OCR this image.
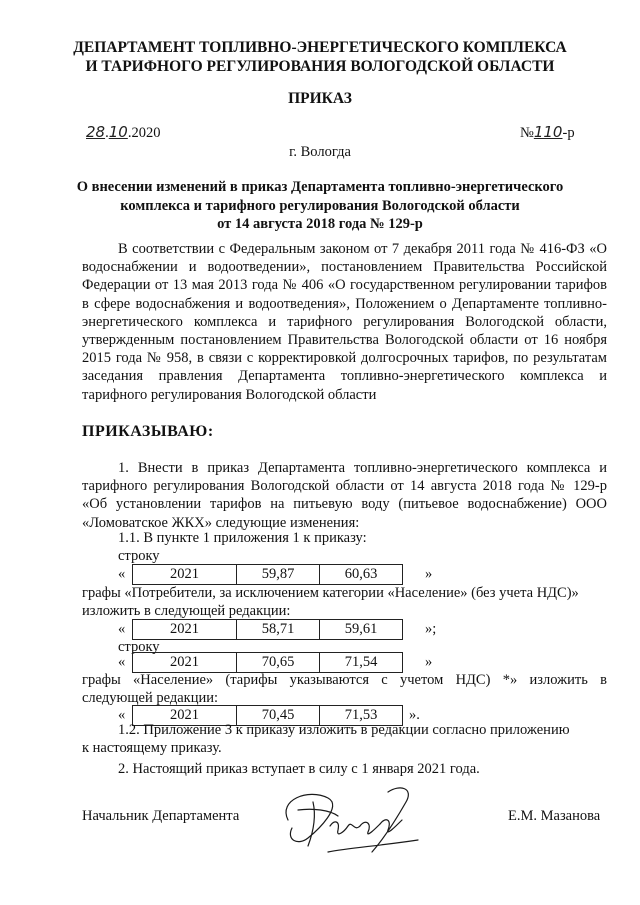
ДЕПАРТАМЕНТ ТОПЛИВНО-ЭНЕРГЕТИЧЕСКОГО КОМПЛЕКСА
И ТАРИФНОГО РЕГУЛИРОВАНИЯ ВОЛОГОДСКОЙ ОБЛАСТИ
ПРИКАЗ
28.10.2020	№110-р
г. Вологда
О внесении изменений в приказ Департамента топливно-энергетического
комплекса и тарифного регулирования Вологодской области
от 14 августа 2018 года № 129-р
В соответствии с Федеральным законом от 7 декабря 2011 года № 416-ФЗ «О водоснабжении и водоотведении», постановлением Правительства Российской Федерации от 13 мая 2013 года № 406 «О государственном регулировании тарифов в сфере водоснабжения и водоотведения», Положением о Департаменте топливно-энергетического комплекса и тарифного регулирования Вологодской области, утвержденным постановлением Правительства Вологодской области от 16 ноября 2015 года № 958, в связи с корректировкой долгосрочных тарифов, по результатам заседания правления Департамента топливно-энергетического комплекса и тарифного регулирования Вологодской области
ПРИКАЗЫВАЮ:
1. Внести в приказ Департамента топливно-энергетического комплекса и тарифного регулирования Вологодской области от 14 августа 2018 года № 129-р «Об установлении тарифов на питьевую воду (питьевое водоснабжение) ООО «Ломоватское ЖКХ» следующие изменения:
1.1. В пункте 1 приложения 1 к приказу:
строку
«	2021	59,87	60,63	»
графы «Потребители, за исключением категории «Население» (без учета НДС)»
изложить в следующей редакции:
«	2021	58,71	59,61	»;
строку
«	2021	70,65	71,54	»
графы «Население» (тарифы указываются с учетом НДС) *» изложить в
следующей редакции:
«	2021	70,45	71,53	».
1.2. Приложение 3 к приказу изложить в редакции согласно приложению
к настоящему приказу.
2. Настоящий приказ вступает в силу с 1 января 2021 года.
Начальник Департамента	Е.М. Мазанова
